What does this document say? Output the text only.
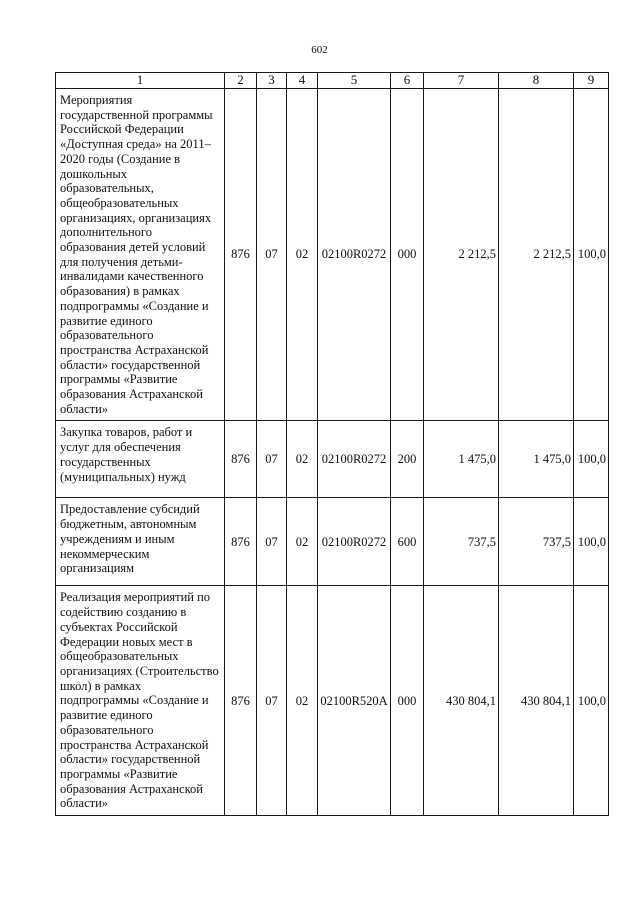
602
1	2	3	4	5	6	7	8	9
Мероприятия государственной программы Российской Федерации «Доступная среда» на 2011–2020 годы (Создание в дошкольных образовательных, общеобразовательных организациях, организациях дополнительного образования детей условий для получения детьми-инвалидами качественного образования) в рамках подпрограммы «Создание и развитие единого образовательного пространства Астраханской области» государственной программы «Развитие образования Астраханской области»	876	07	02	02100R0272	000	2 212,5	2 212,5	100,0
Закупка товаров, работ и услуг для обеспечения государственных (муниципальных) нужд	876	07	02	02100R0272	200	1 475,0	1 475,0	100,0
Предоставление субсидий бюджетным, автономным учреждениям и иным некоммерческим организациям	876	07	02	02100R0272	600	737,5	737,5	100,0
Реализация мероприятий по содействию созданию в субъектах Российской Федерации новых мест в общеобразовательных организациях (Строительство школ) в рамках подпрограммы «Создание и развитие единого образовательного пространства Астраханской области» государственной программы «Развитие образования Астраханской области»	876	07	02	02100R520A	000	430 804,1	430 804,1	100,0
